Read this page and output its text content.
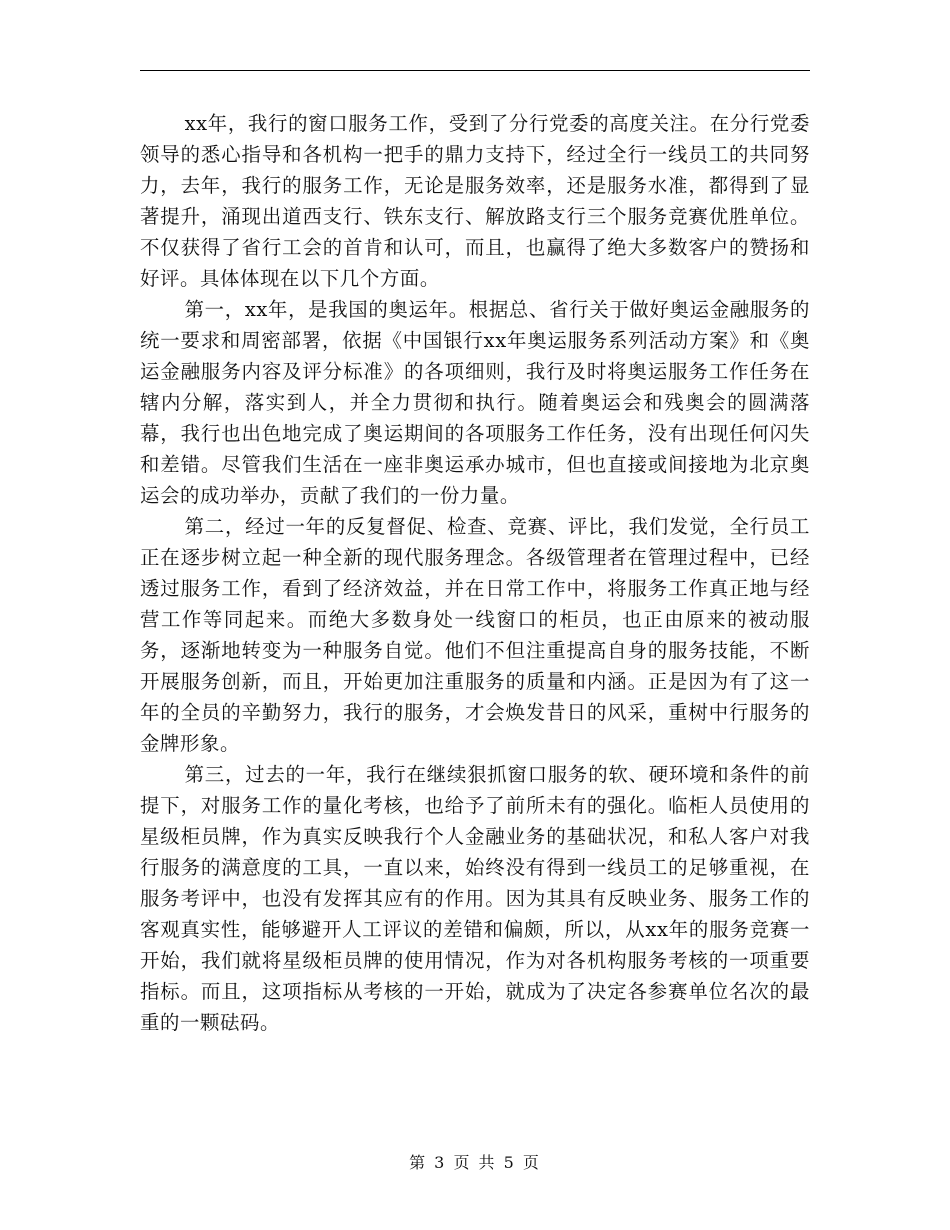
xx年，我行的窗口服务工作，受到了分行党委的高度关注。在分行党委领导的悉心指导和各机构一把手的鼎力支持下，经过全行一线员工的共同努力，去年，我行的服务工作，无论是服务效率，还是服务水准，都得到了显著提升，涌现出道西支行、铁东支行、解放路支行三个服务竞赛优胜单位。不仅获得了省行工会的首肯和认可，而且，也赢得了绝大多数客户的赞扬和好评。具体体现在以下几个方面。

第一，xx年，是我国的奥运年。根据总、省行关于做好奥运金融服务的统一要求和周密部署，依据《中国银行xx年奥运服务系列活动方案》和《奥运金融服务内容及评分标准》的各项细则，我行及时将奥运服务工作任务在辖内分解，落实到人，并全力贯彻和执行。随着奥运会和残奥会的圆满落幕，我行也出色地完成了奥运期间的各项服务工作任务，没有出现任何闪失和差错。尽管我们生活在一座非奥运承办城市，但也直接或间接地为北京奥运会的成功举办，贡献了我们的一份力量。

第二，经过一年的反复督促、检查、竞赛、评比，我们发觉，全行员工正在逐步树立起一种全新的现代服务理念。各级管理者在管理过程中，已经透过服务工作，看到了经济效益，并在日常工作中，将服务工作真正地与经营工作等同起来。而绝大多数身处一线窗口的柜员，也正由原来的被动服务，逐渐地转变为一种服务自觉。他们不但注重提高自身的服务技能，不断开展服务创新，而且，开始更加注重服务的质量和内涵。正是因为有了这一年的全员的辛勤努力，我行的服务，才会焕发昔日的风采，重树中行服务的金牌形象。

第三，过去的一年，我行在继续狠抓窗口服务的软、硬环境和条件的前提下，对服务工作的量化考核，也给予了前所未有的强化。临柜人员使用的星级柜员牌，作为真实反映我行个人金融业务的基础状况，和私人客户对我行服务的满意度的工具，一直以来，始终没有得到一线员工的足够重视，在服务考评中，也没有发挥其应有的作用。因为其具有反映业务、服务工作的客观真实性，能够避开人工评议的差错和偏颇，所以，从xx年的服务竞赛一开始，我们就将星级柜员牌的使用情况，作为对各机构服务考核的一项重要指标。而且，这项指标从考核的一开始，就成为了决定各参赛单位名次的最重的一颗砝码。

第 3 页 共 5 页
